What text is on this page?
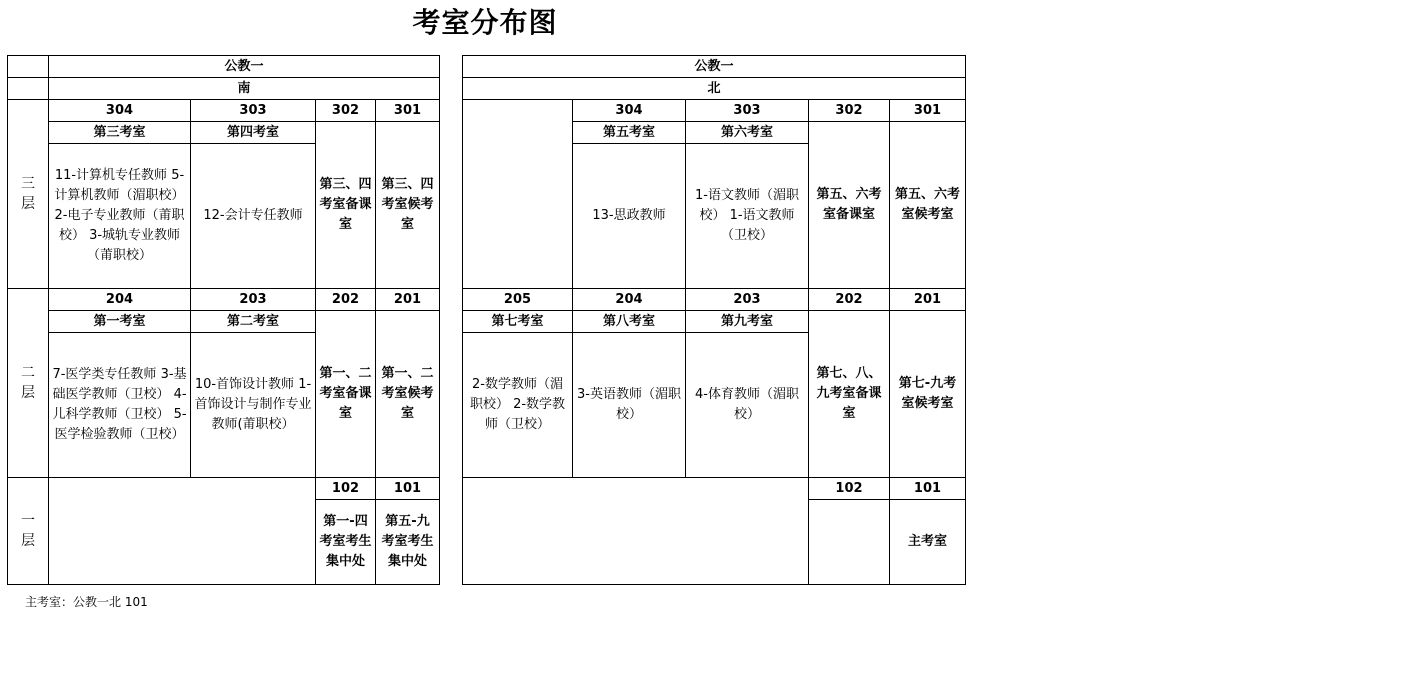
考室分布图
	公教一					公教一				
	南					北				
三层	304	303	302	301			304	303	302	301
	第三考室	第四考室	第三、四考室备课室	第三、四考室候考室			第五考室	第六考室	第五、六考室备课室	第五、六考室候考室
	11-计算机专任教师 5-计算机教师（湄职校） 2-电子专业教师（莆职校） 3-城轨专业教师（莆职校）	12-会计专任教师					13-思政教师	1-语文教师（湄职校） 1-语文教师（卫校）		
二层	204	203	202	201		205	204	203	202	201
	第一考室	第二考室	第一、二考室备课室	第一、二考室候考室		第七考室	第八考室	第九考室	第七、八、九考室备课室	第七-九考室候考室
	7-医学类专任教师 3-基础医学教师（卫校） 4-儿科学教师（卫校） 5-医学检验教师（卫校）	10-首饰设计教师 1-首饰设计与制作专业教师(莆职校）				2-数学教师（湄职校） 2-数学教师（卫校）	3-英语教师（湄职校）	4-体育教师（湄职校）		
一层			102	101					102	101
			第一-四考室考生集中处	第五-九考室考生集中处						主考室
主考室：公教一北 101
